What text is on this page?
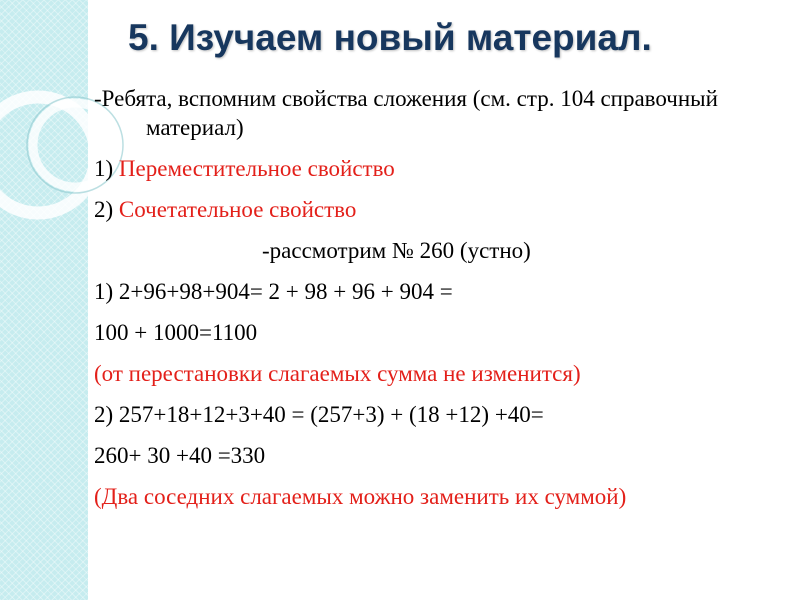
5. Изучаем новый материал.

-Ребята, вспомним свойства сложения (см. стр. 104 справочный материал)

1) Переместительное свойство

2) Сочетательное свойство

-рассмотрим № 260 (устно)

1) 2+96+98+904= 2 + 98 + 96 + 904 =

100 + 1000=1100

(от перестановки слагаемых сумма не изменится)

2) 257+18+12+3+40 = (257+3) + (18 +12) +40=

260+ 30 +40 =330

(Два соседних слагаемых можно заменить их суммой)
